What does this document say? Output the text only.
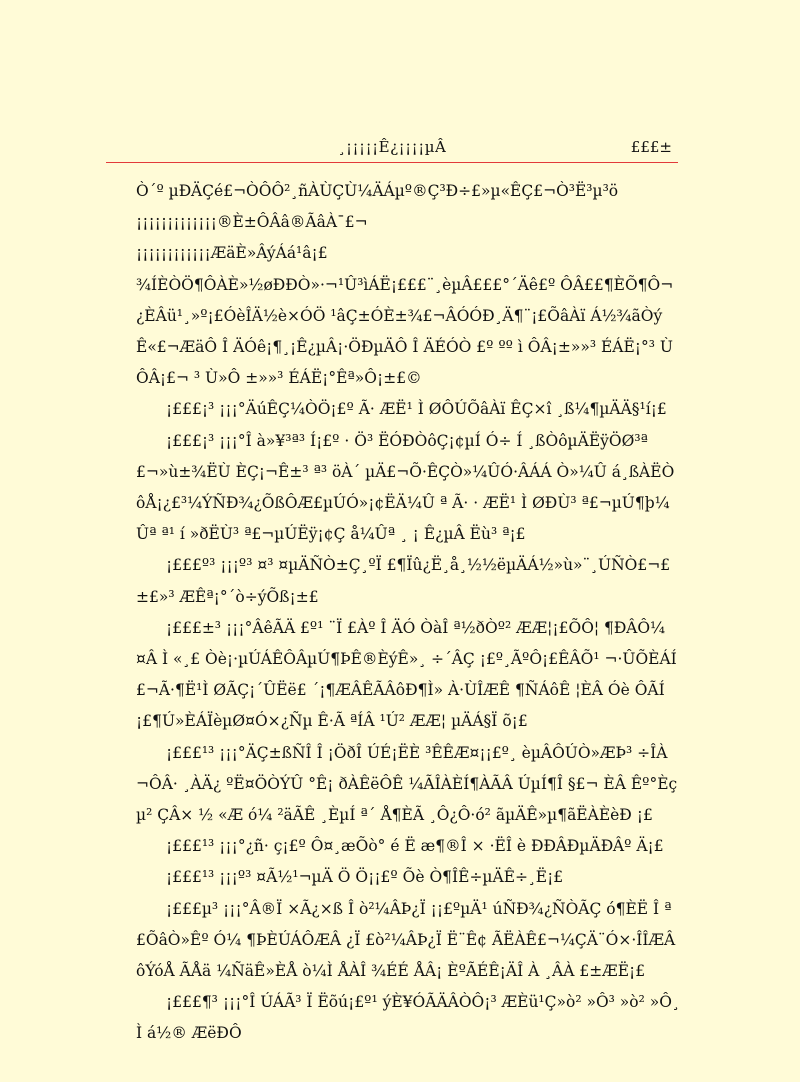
¸¡¡¡¡¡Ê¿¡¡¡¡µÂ	£££±

Ò´º µÐÄÇé£¬ÒÔÔ²¸ñÀÙÇÙ¼ÄÁµº®Ç³Ð÷£»µ«ÊÇ£¬Ò³Ë³µ³ö

¡¡¡¡¡¡¡¡¡¡¡¡¡®È±ÔÂâ®ÃâÀ¯£¬

¡¡¡¡¡¡¡¡¡¡¡¡ÆäÈ»ÂýÁá¹â¡£

¾ÍÈÒÖ¶ÔÀÈ»½øÐÐÒ»·¬¹Û³ìÁË¡£££¨¸èµÂ£££°´Äê£º ÔÂ££¶ÈÕ¶Ô¬¿ÈÂü¹¸»º¡£ÓèÎÄ½è×ÓÖ ¹âÇ±ÓÈ±¾£¬ÂÓÓÐ¸Ä¶¨¡£ÕâÀï Á½¾ãÒýÊ«£¬ÆäÔ Î ÄÓê¡¶¸¡Ê¿µÂ¡·ÖÐµÄÔ Î ÄÉÓÒ £º ºº ì ÔÂ¡±»»³ ÉÁË¡°³ ÙÔÂ¡£¬ ³ Ù»Ô ±»»³ ÉÁË¡°Êª»Ô¡±£©

¡£££¡³ ¡¡¡°ÄúÊÇ¼ÒÖ¡£º Ã· ÆË¹ Ì ØÔÚÕâÀï ÊÇ×î ¸ß¼¶µÄÄ§¹í¡£

¡£££¡³ ¡¡¡°Î à»¥³ª³ Í¡£º · Ö³ ËÓÐÒôÇ¡¢µÍ Ó÷ Í ¸ßÒôµÄËÿÖØ³ª£¬»ù±¾ËÙ ÈÇ¡¬Ê±³ ª³ öÀ´ µÄ£¬Õ·ÊÇÒ»¼ÛÓ·ÂÁÁ Ò»¼Û á¸ßÀËÒôÅ¡¿£³¼ÝÑÐ¾¿ÕßÔÆ£µÚÓ»¡¢ËÄ¼Û ª Ã· · ÆË¹ Ì ØÐÙ³ ª£¬µÚ¶þ¼Ûª ª¹ í »ðËÙ³ ª£¬µÚËÿ¡¢Ç å¼Ûª ¸ ¡ Ê¿µÂ Ëù³ ª¡£

¡£££º³ ¡¡¡º³ ¤³ ¤µÄÑÒ±Ç¸ºÏ £¶Ïû¿Ë¸å¸½½ëµÄÁ½»ù»¨¸ÚÑÒ£¬£±£»³ ÆÊª¡°´ò÷ýÕß¡±£

¡£££±³ ¡¡¡°ÂêÃÄ £º¹ ¨Ï £Àº Î ÄÓ ÒàÎ ª½ðÒº² ÆÆ¦¡£ÕÔ¦ ¶ÐÂÔ¼¤Â Ì «¸£ Òè¡·µÚÁÊÔÂµÚ¶ÞÊ®ÈýÊ»¸ ÷´ÂÇ ¡£º¸ÃºÔ¡£ÊÂÕ¹ ¬·ÛÕÈÁÍ£¬Ã·¶Ë¹Ì ØÃÇ¡´ÛËë£ ´¡¶ÆÂÊÃÂôÐ¶Ì» À·ÙÎÆÊ ¶ÑÁôÊ ¦ÈÂ Óè ÔÃÍ¡£¶Ú»ÈÁÏèµØ¤Ó×¿Ñµ Ê·Ã ªÍÂ ¹Ú² ÆÆ¦ µÄÁ§Ï õ¡£

¡£££¹³ ¡¡¡°ÄÇ±ßÑÎ Î ¡ÖðÎ ÚÉ¡ËÈ ³ÊÊÆ¤¡¡£º¸ èµÂÔÚÒ»ÆÞ³ ÷ÎÀ¬ÔÂ· ¸ÀÄ¿ ºË¤ÖÒÝÛ °Ê¡ ðÀÊëÔÊ ¼ÃÎÀÈÍ¶ÀÃÂ ÚµÍ¶Î §£¬ ÈÂ Êº°Èçµ² ÇÂ× ½ «Æ ó¼ ²äÃÊ ¸ÈµÍ ª´ Å¶ÈÃ ¸Ô¿Ô·ó² ãµÄÊ»µ¶ãËÀÈèÐ ¡£

¡£££¹³ ¡¡¡°¿ñ· ç¡£º Ô¤¸æÕò° é Ë æ¶®Î × ·ËÎ è ÐÐÂÐµÄÐÂº Ä¡£

¡£££¹³ ¡¡¡º³ ¤Ã½¹¬µÄ Ö Ö¡¡£º Õè Ò¶ÎÊ÷µÄÊ÷¸Ë¡£

¡£££µ³ ¡¡¡°Â®Ï ×Ã¿×ß Î ò²¼ÂÞ¿Ï ¡¡£ºµÄ¹ úÑÐ¾¿ÑÒÃÇ ó¶ÈË Î ª£ÕâÒ»Êº Ó¼ ¶ÞÈÚÁÔÆÂ ¿Ï £ò²¼ÂÞ¿Ï Ë¨Ê¢ ÃËÀÊ£¬¼ÇÄ¨Ó×·ÎÎÆÂôÝóÅ ÃÅä ¼ÑäÊ»ÈÅ ò¼Ì ÅÀÎ ¾ÉÉ ÅÂ¡ ÈºÃÉÊ¡ÄÎ À ¸ÂÀ £±ÆË¡£

¡£££¶³ ¡¡¡°Î ÚÁÃ³ Ï Ëõú¡£º¹ ýÈ¥ÓÃÄÂÒÔ¡³ ÆÈü¹Ç»ò² »Ô³ »ò² »Ô¸ Ì á½® ÆëÐÔ
